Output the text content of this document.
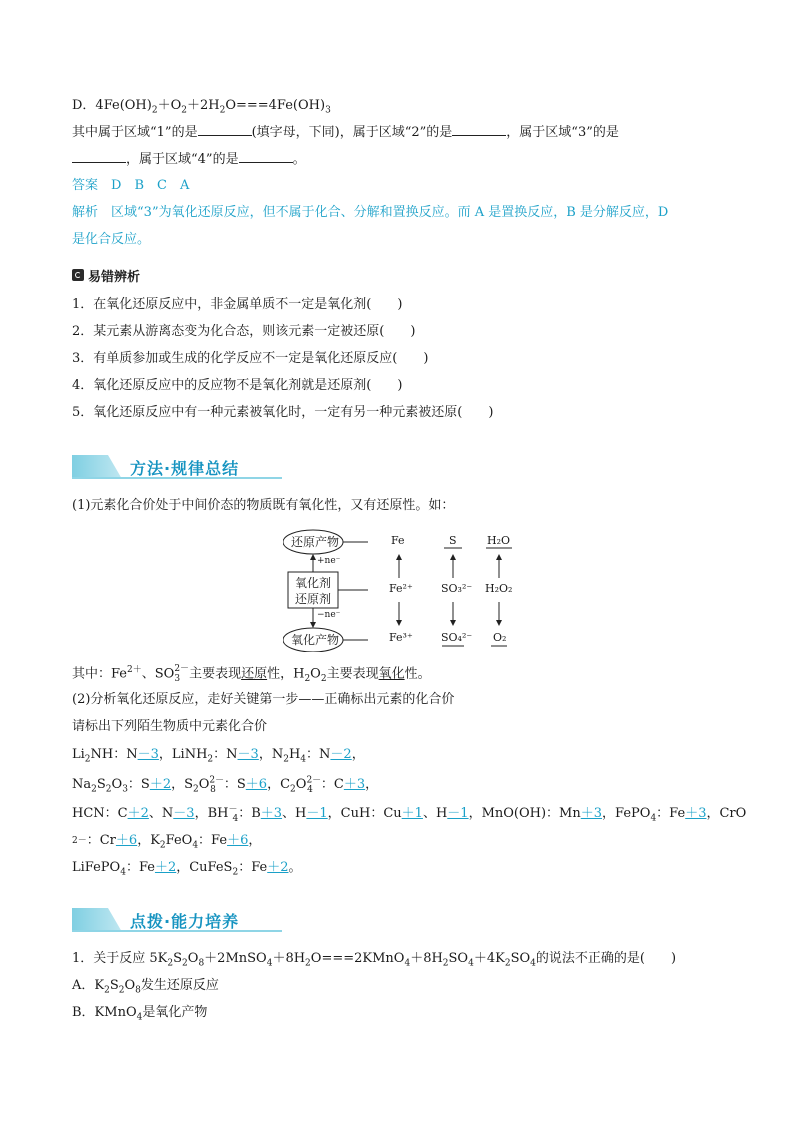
D．$4Fe(OH)_2+O_2+2H_2O===4Fe(OH)_3$
其中属于区域“1”的是	(填字母，下同)，属于区域“2”的是	，属于区域“3”的是
，属于区域“4”的是	。
答案　 D　B　C　A
解析　 区域“3”为氧化还原反应，但不属于化合、分解和置换反应。而 A 是置换反应，B 是分解反应，D
是化合反应。
易错辨析
1．在氧化还原反应中，非金属单质不一定是氧化剂(　　)
2．某元素从游离态变为化合态，则该元素一定被还原(　　)
3．有单质参加或生成的化学反应不一定是氧化还原反应(　　)
4．氧化还原反应中的反应物不是氧化剂就是还原剂(　　)
5．氧化还原反应中有一种元素被氧化时，一定有另一种元素被还原(　　)
方法·规律总结
(1)元素化合价处于中间价态的物质既有氧化性，又有还原性。如：
还原产物
+ne⁻
氧化剂
还原剂
−ne⁻
氧化产物
Fe
Fe²⁺
Fe³⁺
S
SO₃²⁻
SO₄²⁻
H₂O
H₂O₂
O₂
其中：$Fe^{2+}$、SO 2－
3 主要表现还原性，$H_2O_2$主要表现氧化性。
(2)分析氧化还原反应，走好关键第一步——正确标出元素的化合价
请标出下列陌生物质中元素化合价
$Li_2NH$：N－3，LiNH$_2$：N－3，$N_2H_4$：N－2，
$Na_2S_2O_3$：S＋2，$S_2O^{2-}_8$ ：S＋6，$C_2O^{2-}_4$ ：C＋3，
HCN：C＋2、N－3，$BH^-_4$：B＋3、H－1，CuH：Cu＋1、H－1，MnO(OH)：Mn＋3，FePO$_4$：Fe＋3，CrO
$^{2-}$：Cr＋6，$K_2FeO_4$：Fe＋6，
LiFePO$_4$：Fe＋2，CuFeS$_2$：Fe＋2。
点拨·能力培养
1．关于反应 $5K_2S_2O_8+2MnSO_4+8H_2O===2KMnO_4+8H_2SO_4+4K_2SO_4$的说法不正确的是(　　)
A．$K_2S_2O_8$发生还原反应
B．KMnO$_4$是氧化产物
